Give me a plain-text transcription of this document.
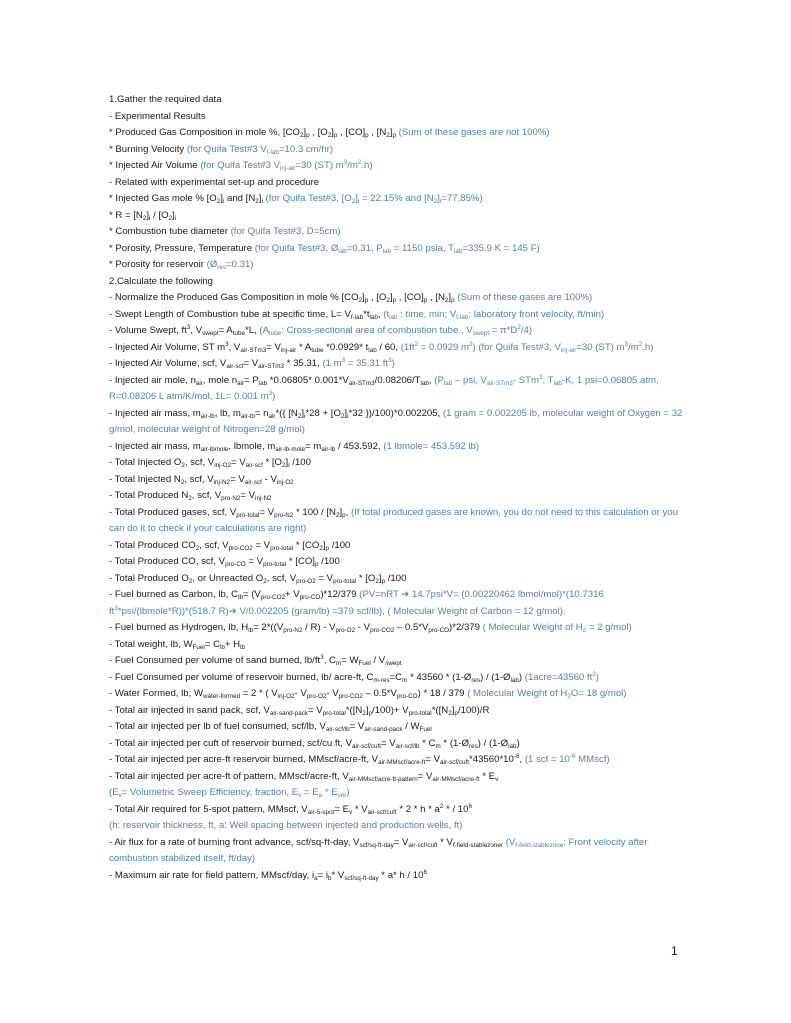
1.Gather the required data
- Experimental Results
* Produced Gas Composition in mole %, $[CO_2]_p$ , $[O_2]_p$ , $[CO]_p$ , $[N_2]_p$ (Sum of these gases are not 100%)
* Burning Velocity (for Quifa Test#3 $V_{f-lab}=10.3$ cm/hr)
* Injected Air Volume (for Quifa Test#3 $V_{inj-air}=30$ (ST) $m^3/m^2.h$)
- Related with experimental set-up and procedure
* Injected Gas mole % $[O_2]_i$ and $[N_2]_i$ (for Quifa Test#3, $[O_2]_i = 22.15\%$ and $[N_2]_i=77.85\%$)
* $R = [N_2]_i / [O_2]_i$
* Combustion tube diameter (for Quifa Test#3, D=5cm)
* Porosity, Pressure, Temperature (for Quifa Test#3, $Ø_{lab}=0.31$, $P_{lab} = 1150$ psia, $T_{lab}=335.9$ K = 145 F)
* Porosity for reservoir $(Ø_{res}=0.31)$
2.Calculate the following
- Normalize the Produced Gas Composition in mole % $[CO_2]_p$ , $[O_2]_p$ , $[CO]_p$ , $[N_2]_p$ (Sum of these gases are 100%)
- Swept Length of Combustion tube at specific time, $L= V_{f-lab}*t_{lab}$, ($t_{lab}$ : time, min; $V_{f-lab}$: laboratory front velocity, ft/min)
- Volume Swept, $ft^3$, $V_{swept}= A_{tube}*L$, ($A_{tube}$: Cross-sectional area of combustion tube , $V_{swept} = \pi*D^2/4$)
- Injected Air Volume, ST $m^3$, $V_{air-STm3}= V_{inj-air} * A_{tube}$ *0.0929* $t_{lab} / 60$, ($1ft^2 = 0.0929$ $m^2$) (for Quifa Test#3, $V_{inj-air}=30$ (ST) $m^3/m^2.h$)
- Injected Air Volume, scf, $V_{air-scf}= V_{air-STm3} * 35.31$, (1 $m^3 = 35.31$ $ft^3$)
- Injected air mole, $n_{air}$, mole $n_{air}= P_{lab}$ *0.06805* $0.001*V_{air-STm3}/0.08206/T_{lab}$, ($P_{lab}$ – psi, $V_{air-STm3}-$ STm$^3$, $T_{lab}-K$, 1 psi=0.06805 atm, R=0.08206 L atm/K/mol, 1L= 0.001 $m^3$)
- Injected air mass, $m_{air-lb}$, lb, $m_{air-lb}= n_{air}*$({ $[N_2]_i*28 + [O_2]_i*32$ })/100)*0.002205, (1 gram = 0.002205 lb, molecular weight of Oxygen = 32 g/mol, molecular weight of Nitrogen=28 g/mol)
- Injected air mass, $m_{air-lbmole}$, lbmole, $m_{air-lb-mole}= m_{air-lb} / 453.592$, (1 lbmole= 453.592 lb)
- Total Injected $O_2$, scf, $V_{inj-O2}= V_{air-scf} * [O_2]_i$ /100
- Total Injected $N_2$, scf, $V_{inj-N2}= V_{air-scf} - V_{inj-O2}$
- Total Produced $N_2$, scf, $V_{pro-N2}= V_{inj-N2}$
- Total Produced gases, scf, $V_{pro-total}= V_{pro-N2} * 100 / [N_2]_p$, (If total produced gases are known, you do not need to this calculation or you can do it to check if your calculations are right)
- Total Produced $CO_2$, scf, $V_{pro-CO2} = V_{pro-total} * [CO_2]_p$ /100
- Total Produced CO, scf, $V_{pro-CO} = V_{pro-total} * [CO]_p$ /100
- Total Produced $O_2$, or Unreacted $O_2$, scf, $V_{pro-O2} = V_{pro-total} * [O_2]_p$ /100
- Fuel burned as Carbon, lb, $C_{lb}= (V_{pro-CO2}+ V_{pro-CO})*12/379$ (PV=nRT ➔ 14.7psi*V= (0.00220462 lbmol/mol)*(10.7316 $ft^3*psi/(lbmole*R))*(518.7$ R)➔ V/0.002205 (gram/lb) =379 scf/lb), ( Molecular Weight of Carbon = 12 g/mol).
- Fuel burned as Hydrogen, lb, $H_{lb}= 2*((V_{pro-N2} / R) - V_{pro-O2} - V_{pro-CO2} - 0.5*V_{pro-CO})*2/379$ ( Molecular Weight of $H_2 = 2$ g/mol)
- Total weight, lb, $W_{Fuel}= C_{lb}+ H_{lb}$
- Fuel Consumed per volume of sand burned, $lb/ft^3$, $C_m= W_{Fuel} / V_{swept}$
- Fuel Consumed per volume of reservoir burned, lb/ acre-ft, $C_{m-res}=C_m * 43560$ * $(1-Ø_{res})$ / $(1-Ø_{lab})$ (1acre=43560 $ft^2$)
- Water Formed, lb, $W_{water-formed} = 2$ * ( $V_{inj-O2}-$ $V_{pro-O2}-$ $V_{pro-CO2} - 0.5*V_{pro-CO}) * 18 / 379$ ( Molecular Weight of $H_2O= 18$ g/mol)
- Total air injected in sand pack, scf, $V_{air-sand-pack}= V_{pro-total}*([N_2]_p/100)+ V_{pro-total}*([N_2]_p/100)/R$
- Total air injected per lb of fuel consumed, scf/lb, $V_{air-scf/lb}= V_{air-sand-pack} / W_{Fuel}$
- Total air injected per cuft of reservoir burned, scf/cu ft, $V_{air-scf/cuft}= V_{air-scf/lb} * C_m$ * $(1-Ø_{res})$ / $(1-Ø_{lab})$
- Total air injected per acre-ft reservoir burned, MMscf/acre-ft, $V_{air-MMscf/acre-ft}= V_{air-scf/cuft}*43560*10^{-6}$, (1 scf = $10^{-6}$ MMscf)
- Total air injected per acre-ft of pattern, MMscf/acre-ft, $V_{air-MMscf/acre-ft-pattern}= V_{air-MMscf/acre-ft} * E_v$
($E_v=$ Volumetric Sweep Efficiency, fraction, $E_v = E_a * E_{ver}$)
- Total Air required for 5-spot pattern, MMscf, $V_{air-5-spot}= E_v * V_{air-scf/cuft} * 2 * h * a^2$ * / $10^6$
(h: reservoir thickness, ft, a: Well spacing between injected and production wells, ft)
- Air flux for a rate of burning front advance, scf/sq-ft-day, $V_{scf/sq-ft-day}= V_{air-scf/cuft} * V_{f-field-stablezoner}$ ($V_{f-field-stablezone}$: Front velocity after combustion stabilized itself, ft/day)
- Maximum air rate for field pattern, MMscf/day, $i_a= i_b*$ $V_{scf/sq-ft-day} * a*$ h / $10^6$
1
